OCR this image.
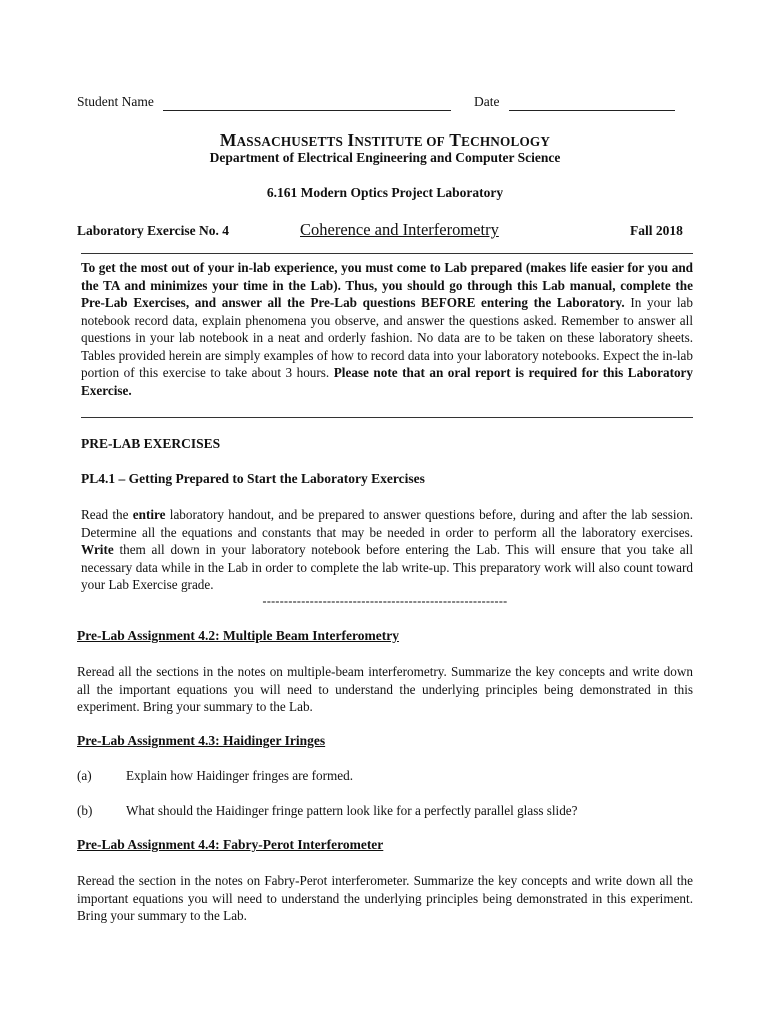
Student Name	Date
MASSACHUSETTS INSTITUTE OF TECHNOLOGY
Department of Electrical Engineering and Computer Science
6.161 Modern Optics Project Laboratory
Laboratory Exercise No. 4	Coherence and Interferometry	Fall 2018
To get the most out of your in-lab experience, you must come to Lab prepared (makes life easier for you and the TA and minimizes your time in the Lab). Thus, you should go through this Lab manual, complete the Pre-Lab Exercises, and answer all the Pre-Lab questions BEFORE entering the Laboratory. In your lab notebook record data, explain phenomena you observe, and answer the questions asked. Remember to answer all questions in your lab notebook in a neat and orderly fashion. No data are to be taken on these laboratory sheets. Tables provided herein are simply examples of how to record data into your laboratory notebooks. Expect the in-lab portion of this exercise to take about 3 hours. Please note that an oral report is required for this Laboratory Exercise.
PRE-LAB EXERCISES
PL4.1 – Getting Prepared to Start the Laboratory Exercises
Read the entire laboratory handout, and be prepared to answer questions before, during and after the lab session. Determine all the equations and constants that may be needed in order to perform all the laboratory exercises. Write them all down in your laboratory notebook before entering the Lab. This will ensure that you take all necessary data while in the Lab in order to complete the lab write-up. This preparatory work will also count toward your Lab Exercise grade.
---------------------------------------------------------
Pre-Lab Assignment 4.2: Multiple Beam Interferometry
Reread all the sections in the notes on multiple-beam interferometry. Summarize the key concepts and write down all the important equations you will need to understand the underlying principles being demonstrated in this experiment. Bring your summary to the Lab.
Pre-Lab Assignment 4.3: Haidinger Iringes
(a)	Explain how Haidinger fringes are formed.
(b)	What should the Haidinger fringe pattern look like for a perfectly parallel glass slide?
Pre-Lab Assignment 4.4: Fabry-Perot Interferometer
Reread the section in the notes on Fabry-Perot interferometer. Summarize the key concepts and write down all the important equations you will need to understand the underlying principles being demonstrated in this experiment. Bring your summary to the Lab.
